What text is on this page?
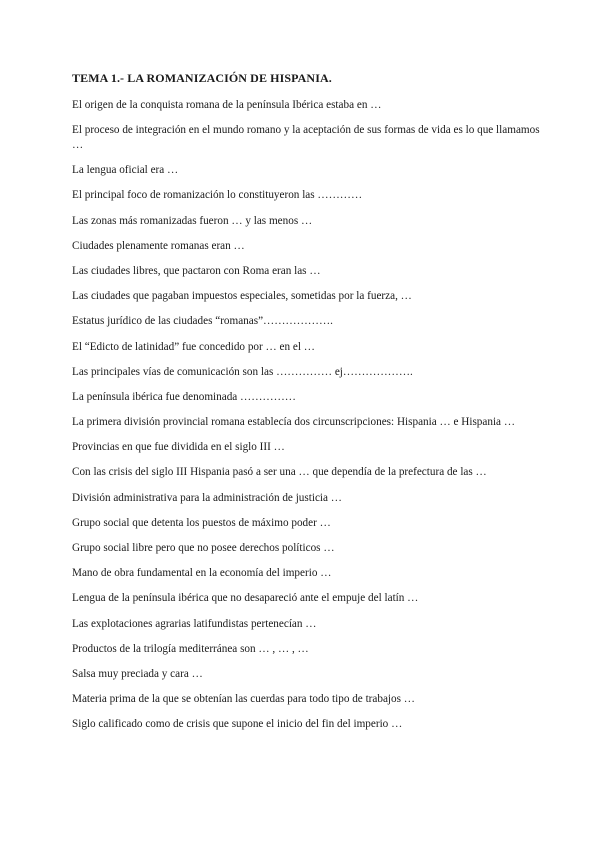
TEMA 1.- LA ROMANIZACIÓN DE HISPANIA.
El origen de la conquista romana de la península Ibérica estaba en …
El proceso de integración en el mundo romano y la aceptación de sus formas de vida es lo que llamamos …
La lengua oficial era …
El principal foco de romanización lo constituyeron las …………
Las zonas más romanizadas fueron … y las menos …
Ciudades plenamente romanas eran …
Las ciudades libres, que pactaron con Roma eran las …
Las ciudades que pagaban impuestos especiales, sometidas por la fuerza, …
Estatus jurídico de las ciudades “romanas”……………….
El “Edicto de latinidad” fue concedido por … en el …
Las principales vías de comunicación son las …………… ej……………….
La península ibérica fue denominada ……………
La primera división provincial romana establecía dos circunscripciones: Hispania … e Hispania …
Provincias en que fue dividida en el siglo III …
Con las crisis del siglo III Hispania pasó a ser una … que dependía de la prefectura de las …
División administrativa para la administración de justicia …
Grupo social que detenta los puestos de máximo poder …
Grupo social libre pero que no posee derechos políticos …
Mano de obra fundamental en la economía del imperio …
Lengua de la península ibérica que no desapareció ante el empuje del latín …
Las explotaciones agrarias latifundistas pertenecían …
Productos de la trilogía mediterránea son … , … , …
Salsa muy preciada y cara …
Materia prima de la que se obtenían las cuerdas para todo tipo de trabajos …
Siglo calificado como de crisis que supone el inicio del fin del imperio …
